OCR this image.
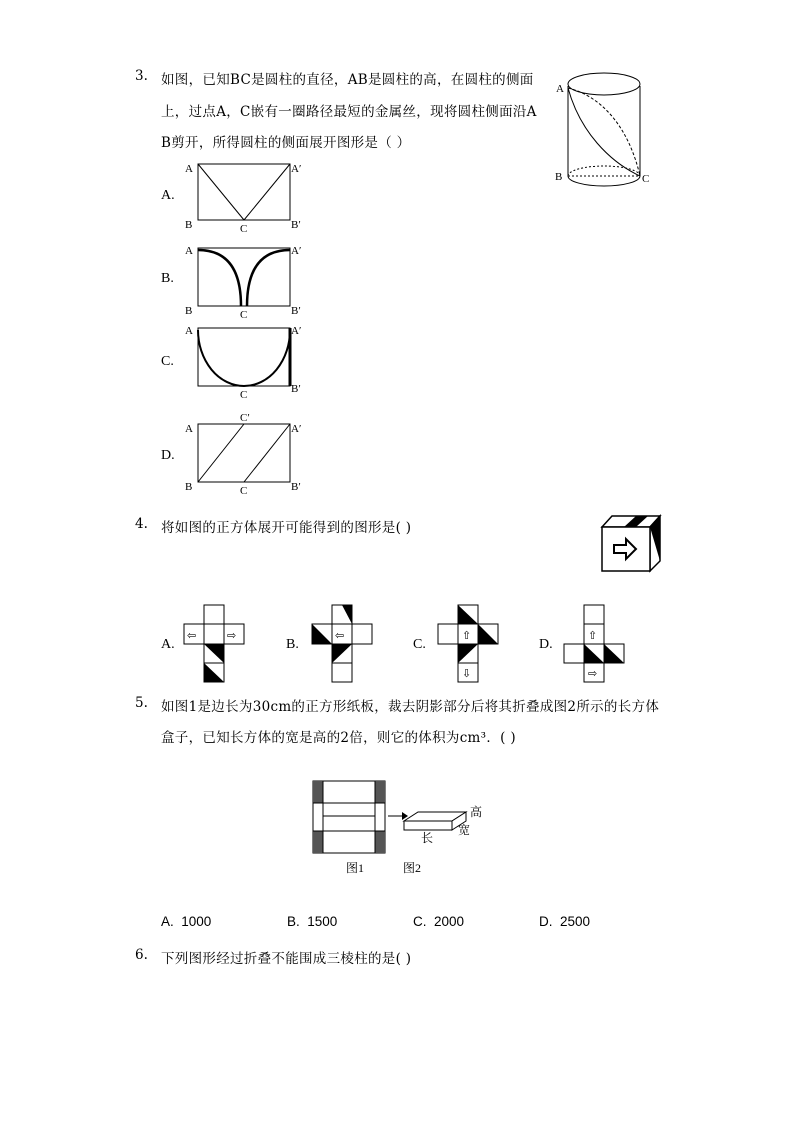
3. 如图，已知BC是圆柱的直径，AB是圆柱的高，在圆柱的侧面
上，过点A，C嵌有一圈路径最短的金属丝，现将圆柱侧面沿A
B剪开，所得圆柱的侧面展开图形是（ ）
A
B	C
A.
A	A′
B	B′
C
B.
A	A′
B	B′
C
C.
A	A′
B′
C
D.
C′
A	A′
B	B′
C
4. 将如图的正方体展开可能得到的图形是( )
A.
⇦	⇨
B.
⇦
C.
⇧
⇩
D.
⇧
⇨
5. 如图1是边长为30cm的正方形纸板，裁去阴影部分后将其折叠成图2所示的长方体
盒子，已知长方体的宽是高的2倍，则它的体积为cm³．( )
高
宽
长
图1	图2
A. 1000	B. 1500	C. 2000	D. 2500
6. 下列图形经过折叠不能围成三棱柱的是( )
